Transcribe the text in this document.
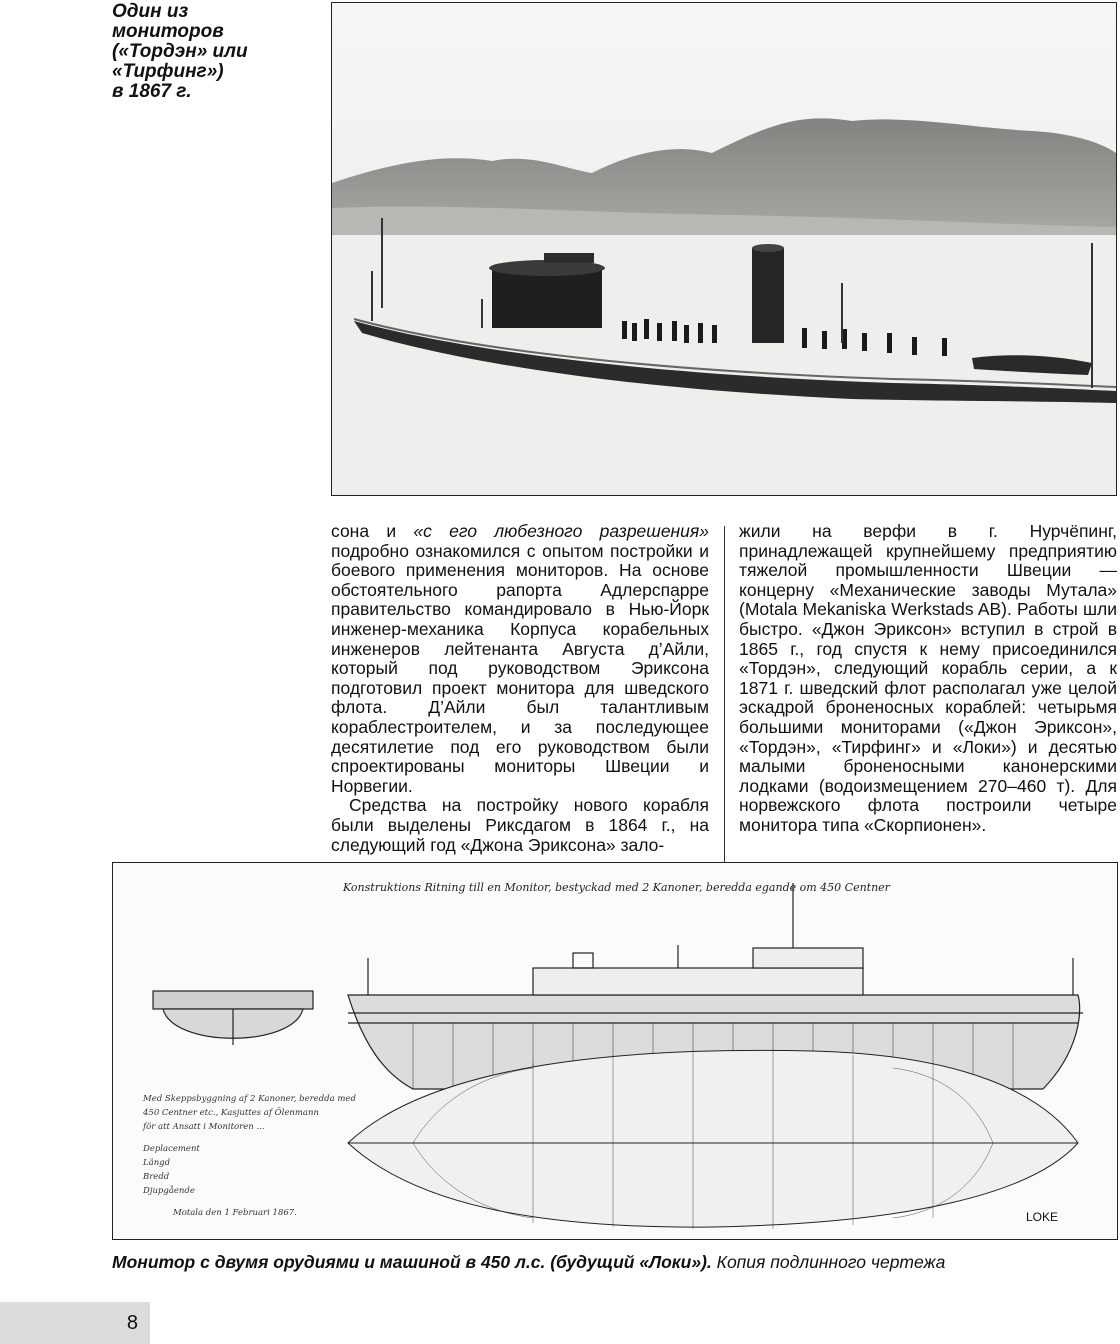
Один из
мониторов
(«Тордэн» или
«Тирфинг»)
в 1867 г.

сона и «с его любезного разрешения» подробно ознакомился с опытом постройки и боевого применения мониторов. На основе обстоятельного рапорта Адлерспарре правительство командировало в Нью-Йорк инженер-механика Корпуса корабельных инженеров лейтенанта Августа д’Айли, который под руководством Эриксона подготовил проект монитора для шведского флота. Д’Айли был талантливым кораблестроителем, и за последующее десятилетие под его руководством были спроектированы мониторы Швеции и Норвегии.

Средства на постройку нового корабля были выделены Риксдагом в 1864 г., на следующий год «Джона Эриксона» зало-

жили на верфи в г. Нурчёпинг, принадлежащей крупнейшему предприятию тяжелой промышленности Швеции — концерну «Механические заводы Мутала» (Motala Mekaniska Werkstads AB). Работы шли быстро. «Джон Эриксон» вступил в строй в 1865 г., год спустя к нему присоединился «Тордэн», следующий корабль серии, а к 1871 г. шведский флот располагал уже целой эскадрой броненосных кораблей: четырьмя большими мониторами («Джон Эриксон», «Тордэн», «Тирфинг» и «Локи») и десятью малыми броненосными канонерскими лодками (водоизмещением 270–460 т). Для норвежского флота построили четыре монитора типа «Скорпионен».

Konstruktions Ritning till en Monitor, bestyckad med 2 Kanoner, beredda egande om 450 Centner
Med Skeppsbyggning af 2 Kanoner, beredda med
450 Centner etc., Kasjuttes af Ölenmann
för att Ansatt i Monitoren ...
Deplacement
Längd
Bredd
Djupgående
Motala den 1 Februari 1867.	LOKE

Монитор с двумя орудиями и машиной в 450 л.с. (будущий «Локи»). Копия подлинного чертежа

8
